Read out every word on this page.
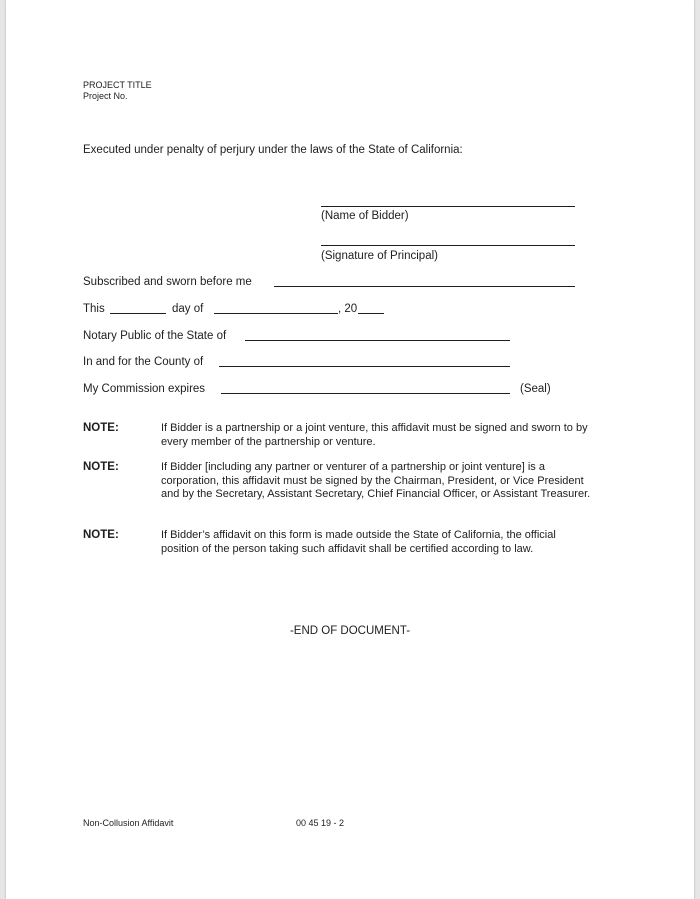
PROJECT TITLE
Project No.
Executed under penalty of perjury under the laws of the State of California:
(Name of Bidder)
(Signature of Principal)
Subscribed and sworn before me
This	day of	, 20
Notary Public of the State of
In and for the County of
My Commission expires	(Seal)
NOTE:	If Bidder is a partnership or a joint venture, this affidavit must be signed and sworn to by every member of the partnership or venture.
NOTE:	If Bidder [including any partner or venturer of a partnership or joint venture] is a corporation, this affidavit must be signed by the Chairman, President, or Vice President and by the Secretary, Assistant Secretary, Chief Financial Officer, or Assistant Treasurer.
NOTE:	If Bidder’s affidavit on this form is made outside the State of California, the official position of the person taking such affidavit shall be certified according to law.
-END OF DOCUMENT-
Non-Collusion Affidavit	00 45 19 - 2
